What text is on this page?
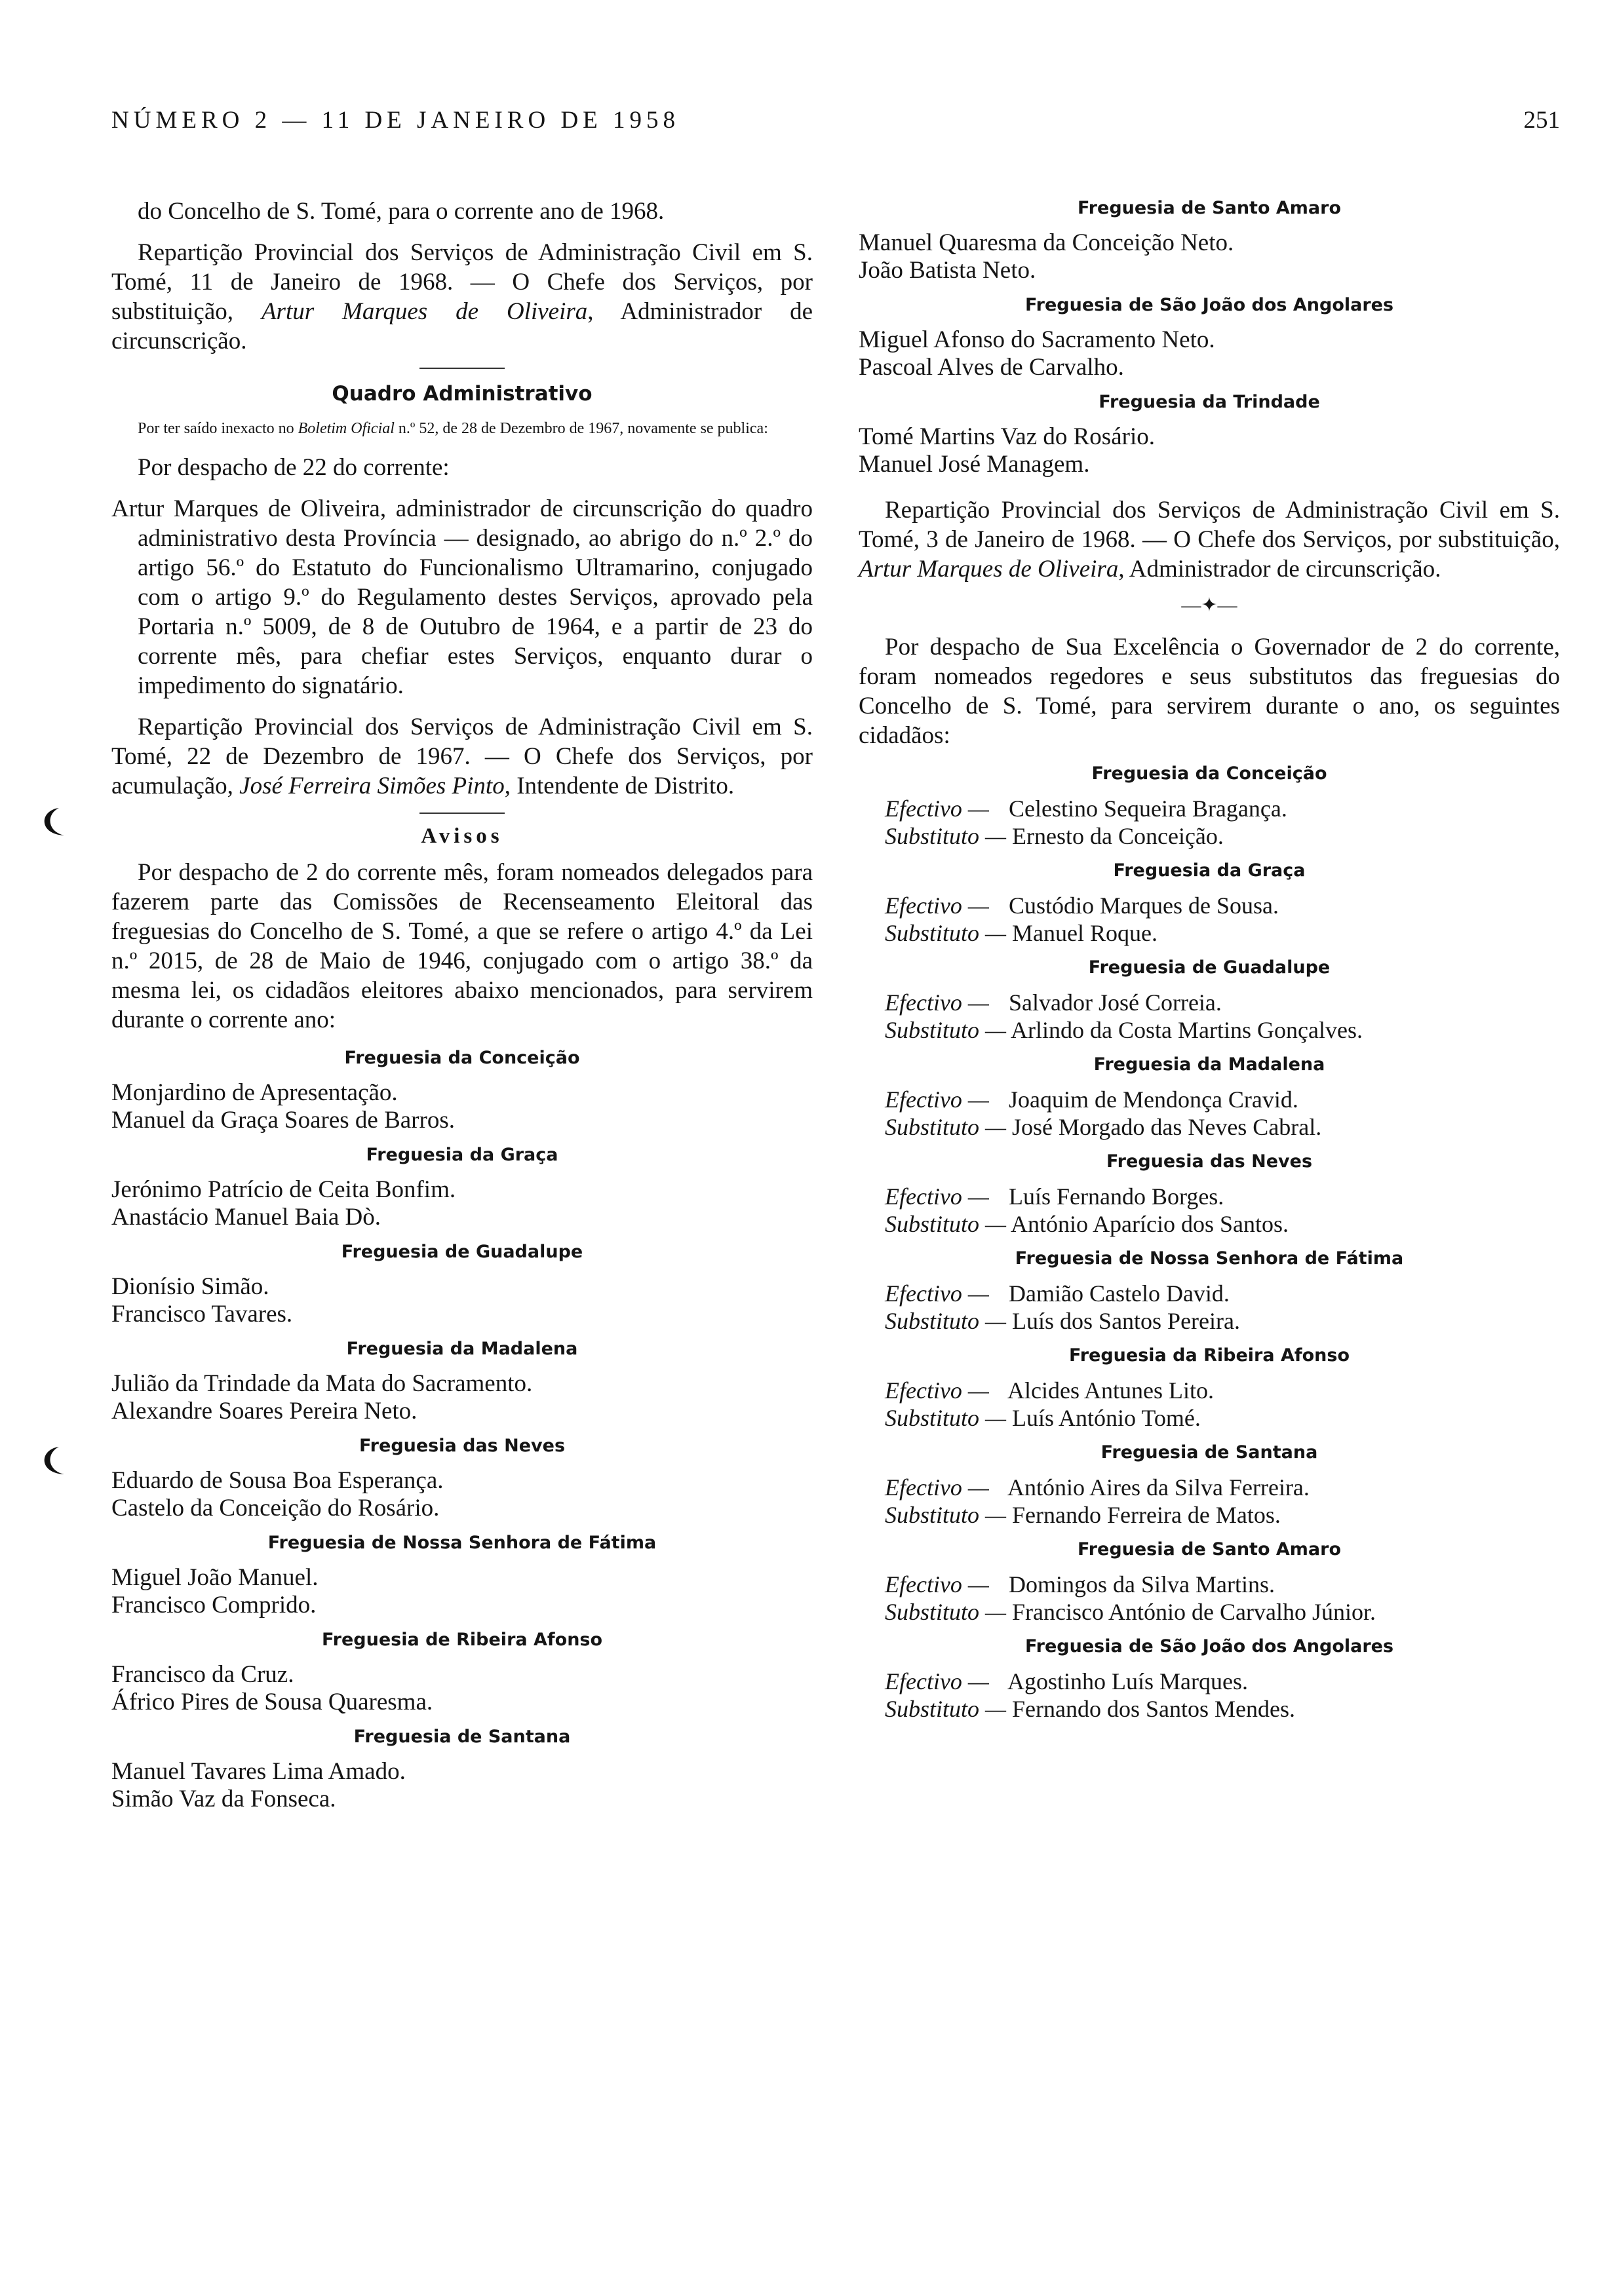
NÚMERO 2 — 11 DE JANEIRO DE 1958	251

do Concelho de S. Tomé, para o corrente ano de 1968.

Repartição Provincial dos Serviços de Administração Civil em S. Tomé, 11 de Janeiro de 1968. — O Chefe dos Serviços, por substituição, Artur Marques de Oliveira, Administrador de circunscrição.

Quadro Administrativo

Por ter saído inexacto no Boletim Oficial n.º 52, de 28 de Dezembro de 1967, novamente se publica:

Por despacho de 22 do corrente:

Artur Marques de Oliveira, administrador de circunscrição do quadro administrativo desta Província — designado, ao abrigo do n.º 2.º do artigo 56.º do Estatuto do Funcionalismo Ultramarino, conjugado com o artigo 9.º do Regulamento destes Serviços, aprovado pela Portaria n.º 5009, de 8 de Outubro de 1964, e a partir de 23 do corrente mês, para chefiar estes Serviços, enquanto durar o impedimento do signatário.

Repartição Provincial dos Serviços de Administração Civil em S. Tomé, 22 de Dezembro de 1967. — O Chefe dos Serviços, por acumulação, José Ferreira Simões Pinto, Intendente de Distrito.

Avisos

Por despacho de 2 do corrente mês, foram nomeados delegados para fazerem parte das Comissões de Recenseamento Eleitoral das freguesias do Concelho de S. Tomé, a que se refere o artigo 4.º da Lei n.º 2015, de 28 de Maio de 1946, conjugado com o artigo 38.º da mesma lei, os cidadãos eleitores abaixo mencionados, para servirem durante o corrente ano:

Freguesia da Conceição

Monjardino de Apresentação.

Manuel da Graça Soares de Barros.

Freguesia da Graça

Jerónimo Patrício de Ceita Bonfim.

Anastácio Manuel Baia Dò.

Freguesia de Guadalupe

Dionísio Simão.

Francisco Tavares.

Freguesia da Madalena

Julião da Trindade da Mata do Sacramento.

Alexandre Soares Pereira Neto.

Freguesia das Neves

Eduardo de Sousa Boa Esperança.

Castelo da Conceição do Rosário.

Freguesia de Nossa Senhora de Fátima

Miguel João Manuel.

Francisco Comprido.

Freguesia de Ribeira Afonso

Francisco da Cruz.

Áfrico Pires de Sousa Quaresma.

Freguesia de Santana

Manuel Tavares Lima Amado.

Simão Vaz da Fonseca.

Freguesia de Santo Amaro

Manuel Quaresma da Conceição Neto.

João Batista Neto.

Freguesia de São João dos Angolares

Miguel Afonso do Sacramento Neto.

Pascoal Alves de Carvalho.

Freguesia da Trindade

Tomé Martins Vaz do Rosário.

Manuel José Managem.

Repartição Provincial dos Serviços de Administração Civil em S. Tomé, 3 de Janeiro de 1968. — O Chefe dos Serviços, por substituição, Artur Marques de Oliveira, Administrador de circunscrição.

—✦—

Por despacho de Sua Excelência o Governador de 2 do corrente, foram nomeados regedores e seus substitutos das freguesias do Concelho de S. Tomé, para servirem durante o ano, os seguintes cidadãos:

Freguesia da Conceição

Efectivo — Celestino Sequeira Bragança.

Substituto — Ernesto da Conceição.

Freguesia da Graça

Efectivo — Custódio Marques de Sousa.

Substituto — Manuel Roque.

Freguesia de Guadalupe

Efectivo — Salvador José Correia.

Substituto — Arlindo da Costa Martins Gonçalves.

Freguesia da Madalena

Efectivo — Joaquim de Mendonça Cravid.

Substituto — José Morgado das Neves Cabral.

Freguesia das Neves

Efectivo — Luís Fernando Borges.

Substituto — António Aparício dos Santos.

Freguesia de Nossa Senhora de Fátima

Efectivo — Damião Castelo David.

Substituto — Luís dos Santos Pereira.

Freguesia da Ribeira Afonso

Efectivo — Alcides Antunes Lito.

Substituto — Luís António Tomé.

Freguesia de Santana

Efectivo — António Aires da Silva Ferreira.

Substituto — Fernando Ferreira de Matos.

Freguesia de Santo Amaro

Efectivo — Domingos da Silva Martins.

Substituto — Francisco António de Carvalho Júnior.

Freguesia de São João dos Angolares

Efectivo — Agostinho Luís Marques.

Substituto — Fernando dos Santos Mendes.
